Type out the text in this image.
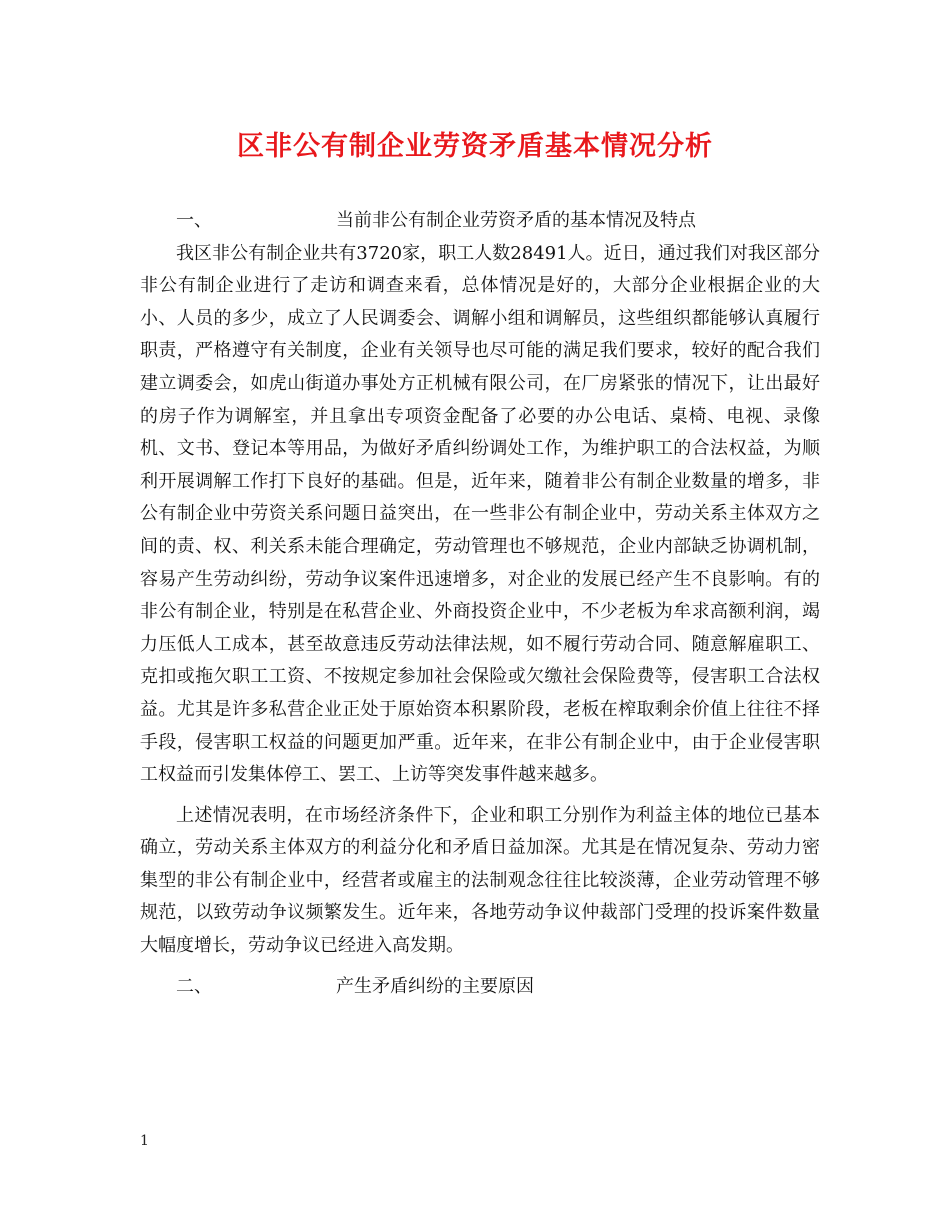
区非公有制企业劳资矛盾基本情况分析
一、	当前非公有制企业劳资矛盾的基本情况及特点

我区非公有制企业共有3720家，职工人数28491人。近日，通过我们对我区部分非公有制企业进行了走访和调查来看，总体情况是好的，大部分企业根据企业的大小、人员的多少，成立了人民调委会、调解小组和调解员，这些组织都能够认真履行职责，严格遵守有关制度，企业有关领导也尽可能的满足我们要求，较好的配合我们建立调委会，如虎山街道办事处方正机械有限公司，在厂房紧张的情况下，让出最好的房子作为调解室，并且拿出专项资金配备了必要的办公电话、桌椅、电视、录像机、文书、登记本等用品，为做好矛盾纠纷调处工作，为维护职工的合法权益，为顺利开展调解工作打下良好的基础。但是，近年来，随着非公有制企业数量的增多，非公有制企业中劳资关系问题日益突出，在一些非公有制企业中，劳动关系主体双方之间的责、权、利关系未能合理确定，劳动管理也不够规范，企业内部缺乏协调机制，容易产生劳动纠纷，劳动争议案件迅速增多，对企业的发展已经产生不良影响。有的非公有制企业，特别是在私营企业、外商投资企业中，不少老板为牟求高额利润，竭力压低人工成本，甚至故意违反劳动法律法规，如不履行劳动合同、随意解雇职工、克扣或拖欠职工工资、不按规定参加社会保险或欠缴社会保险费等，侵害职工合法权益。尤其是许多私营企业正处于原始资本积累阶段，老板在榨取剩余价值上往往不择手段，侵害职工权益的问题更加严重。近年来，在非公有制企业中，由于企业侵害职工权益而引发集体停工、罢工、上访等突发事件越来越多。

上述情况表明，在市场经济条件下，企业和职工分别作为利益主体的地位已基本确立，劳动关系主体双方的利益分化和矛盾日益加深。尤其是在情况复杂、劳动力密集型的非公有制企业中，经营者或雇主的法制观念往往比较淡薄，企业劳动管理不够规范，以致劳动争议频繁发生。近年来，各地劳动争议仲裁部门受理的投诉案件数量大幅度增长，劳动争议已经进入高发期。

二、	产生矛盾纠纷的主要原因
1
